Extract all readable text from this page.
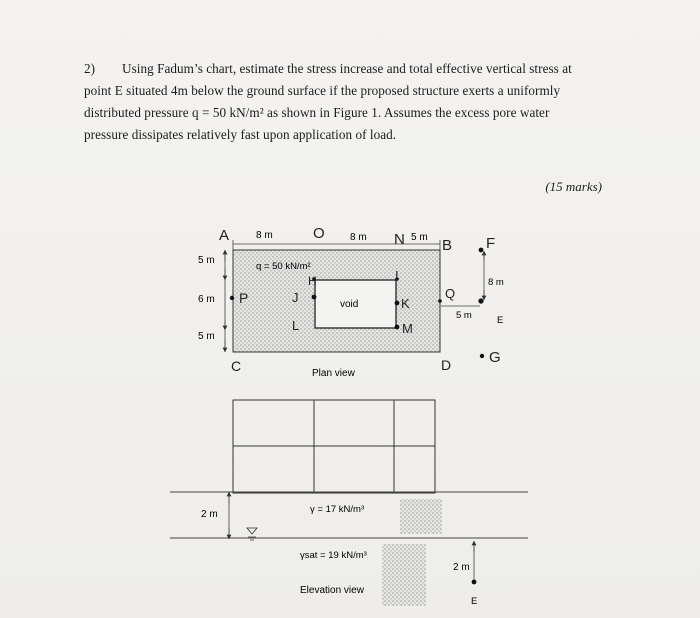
2) Using Fadum’s chart, estimate the stress increase and total effective vertical stress at
point E situated 4m below the ground surface if the proposed structure exerts a uniformly
distributed pressure q = 50 kN/m² as shown in Figure 1. Assumes the excess pore water
pressure dissipates relatively fast upon application of load.
(15 marks)
void
8 m	8 m	5 m
5 m
6 m
5 m
q = 50 kN/m²
Plan view
8 m
5 m	E
A	O	N B F
H	I
J	K
L	M
P	Q
C	D	G
2 m	γ = 17 kN/m³
γsat = 19 kN/m³
Elevation view
2 m
E
